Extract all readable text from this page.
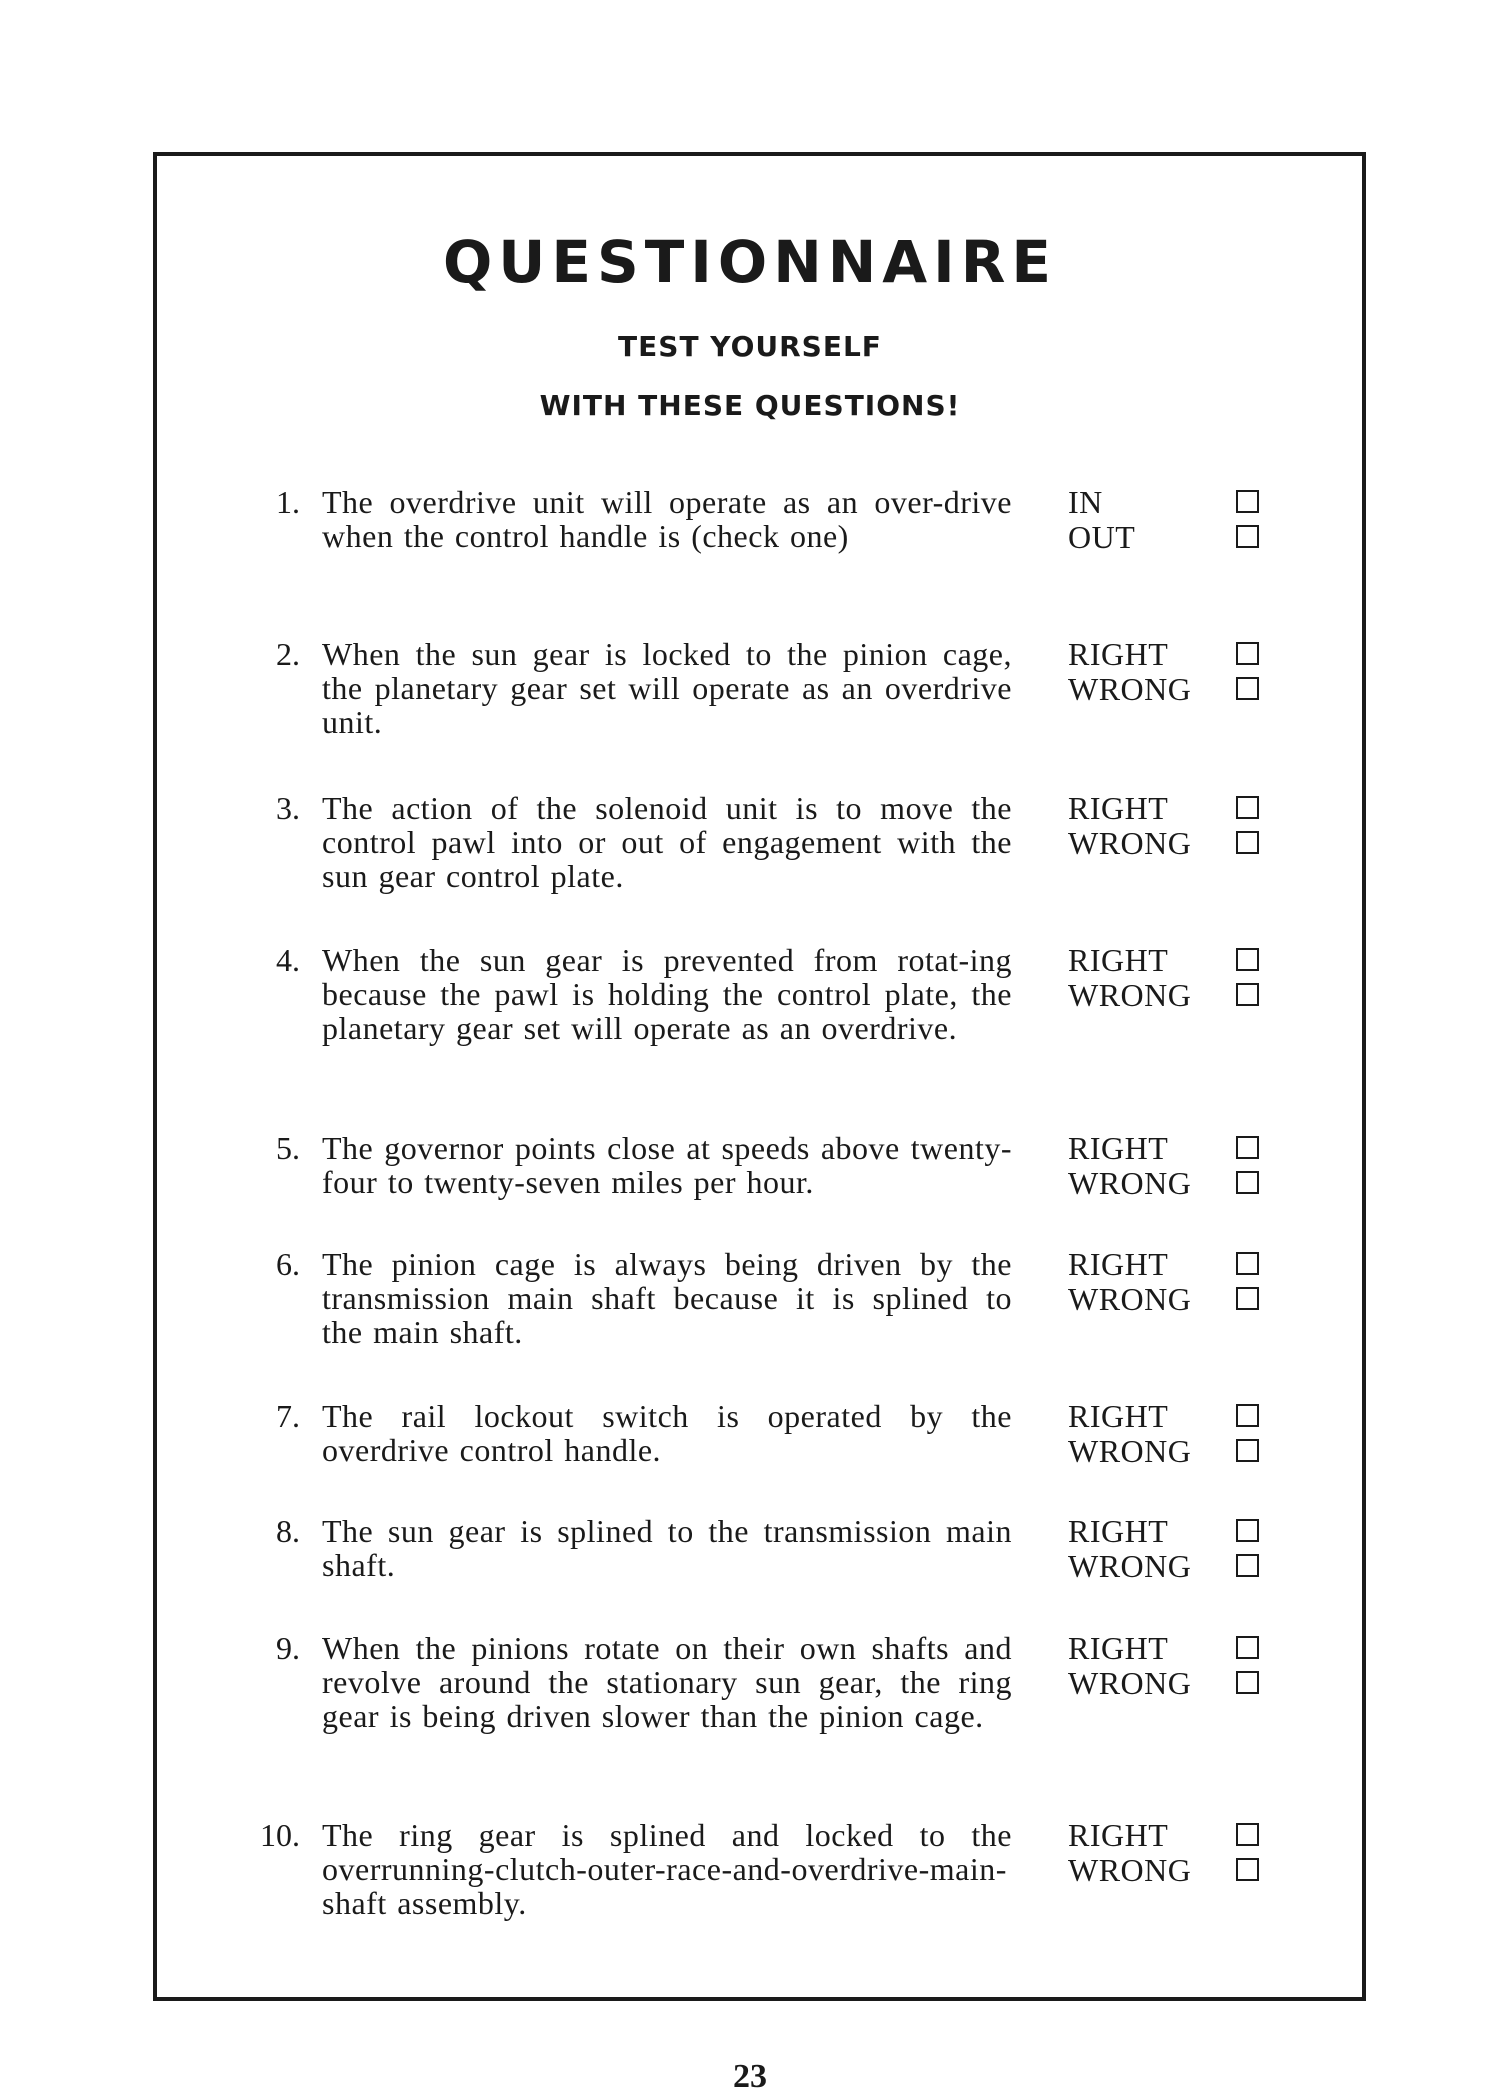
QUESTIONNAIRE
TEST YOURSELF
WITH THESE QUESTIONS!
1. The overdrive unit will operate as an over-drive when the control handle is (check one)
IN
OUT
2. When the sun gear is locked to the pinion cage, the planetary gear set will operate as an overdrive unit.
RIGHT
WRONG
3. The action of the solenoid unit is to move the control pawl into or out of engagement with the sun gear control plate.
RIGHT
WRONG
4. When the sun gear is prevented from rotat-ing because the pawl is holding the control plate, the planetary gear set will operate as an overdrive.
RIGHT
WRONG
5. The governor points close at speeds above twenty-four to twenty-seven miles per hour.
RIGHT
WRONG
6. The pinion cage is always being driven by the transmission main shaft because it is splined to the main shaft.
RIGHT
WRONG
7. The rail lockout switch is operated by the overdrive control handle.
RIGHT
WRONG
8. The sun gear is splined to the transmission main shaft.
RIGHT
WRONG
9. When the pinions rotate on their own shafts and revolve around the stationary sun gear, the ring gear is being driven slower than the pinion cage.
RIGHT
WRONG
10. The ring gear is splined and locked to the overrunning-clutch-outer-race-and-overdrive-main-shaft assembly.
RIGHT
WRONG
23
